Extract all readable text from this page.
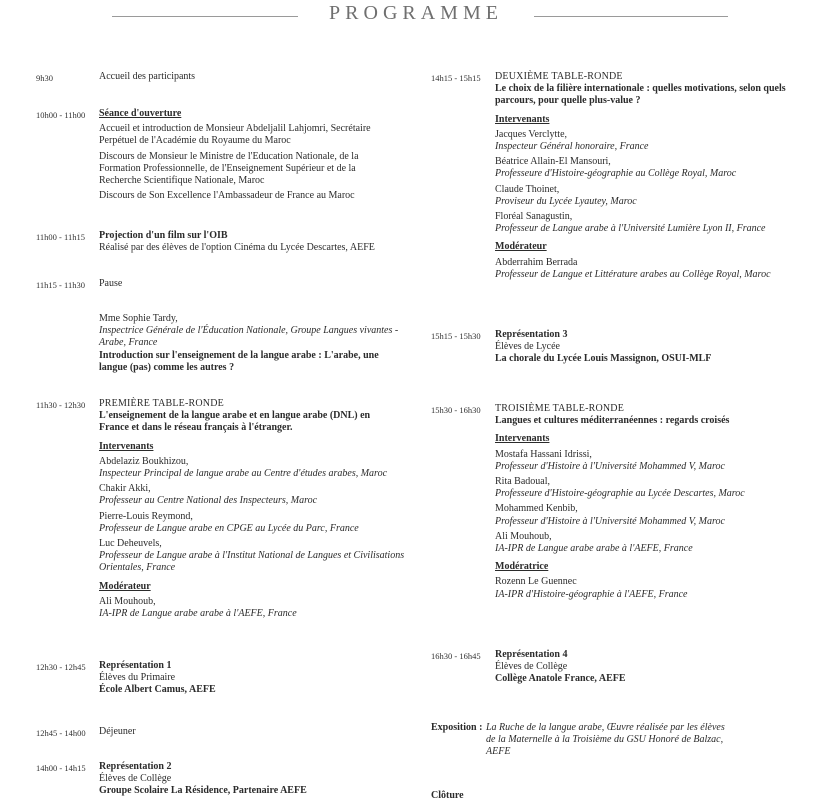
PROGRAMME
9h30	Accueil des participants

10h00 - 11h00 Séance d'ouverture

Accueil et introduction de Monsieur Abdeljalil Lahjomri, Secrétaire

Perpétuel de l'Académie du Royaume du Maroc

Discours de Monsieur le Ministre de l'Education Nationale, de la

Formation Professionnelle, de l'Enseignement Supérieur et de la

Recherche Scientifique Nationale, Maroc

Discours de Son Excellence l'Ambassadeur de France au Maroc

11h00 - 11h15 Projection d'un film sur l'OIB

Réalisé par des élèves de l'option Cinéma du Lycée Descartes, AEFE

11h15 - 11h30 Pause

Mme Sophie Tardy,

Inspectrice Générale de l'Éducation Nationale, Groupe Langues vivantes -

Arabe, France

Introduction sur l'enseignement de la langue arabe : L'arabe, une

langue (pas) comme les autres ?

11h30 - 12h30 PREMIÈRE TABLE-RONDE

L'enseignement de la langue arabe et en langue arabe (DNL) en

France et dans le réseau français à l'étranger.

Intervenants

Abdelaziz Boukhizou,

Inspecteur Principal de langue arabe au Centre d'études arabes, Maroc

Chakir Akki,

Professeur au Centre National des Inspecteurs, Maroc

Pierre-Louis Reymond,

Professeur de Langue arabe en CPGE au Lycée du Parc, France

Luc Deheuvels,

Professeur de Langue arabe à l'Institut National de Langues et Civilisations

Orientales, France

Modérateur

Ali Mouhoub,

IA-IPR de Langue arabe arabe à l'AEFE, France

12h30 - 12h45 Représentation 1

Élèves du Primaire

École Albert Camus, AEFE

12h45 - 14h00 Déjeuner

14h00 - 14h15 Représentation 2

Élèves de Collège

Groupe Scolaire La Résidence, Partenaire AEFE

14h15 - 15h15 DEUXIÈME TABLE-RONDE

Le choix de la filière internationale : quelles motivations, selon quels

parcours, pour quelle plus-value ?

Intervenants

Jacques Verclytte,

Inspecteur Général honoraire, France

Béatrice Allain-El Mansouri,

Professeure d'Histoire-géographie au Collège Royal, Maroc

Claude Thoinet,

Proviseur du Lycée Lyautey, Maroc

Floréal Sanagustin,

Professeur de Langue arabe à l'Université Lumière Lyon II, France

Modérateur

Abderrahim Berrada

Professeur de Langue et Littérature arabes au Collège Royal, Maroc

15h15 - 15h30 Représentation 3

Élèves de Lycée

La chorale du Lycée Louis Massignon, OSUI-MLF

15h30 - 16h30 TROISIÈME TABLE-RONDE

Langues et cultures méditerranéennes : regards croisés

Intervenants

Mostafa Hassani Idrissi,

Professeur d'Histoire à l'Université Mohammed V, Maroc

Rita Badoual,

Professeure d'Histoire-géographie au Lycée Descartes, Maroc

Mohammed Kenbib,

Professeur d'Histoire à l'Université Mohammed V, Maroc

Ali Mouhoub,

IA-IPR de Langue arabe arabe à l'AEFE, France

Modératrice

Rozenn Le Guennec

IA-IPR d'Histoire-géographie à l'AEFE, France

16h30 - 16h45 Représentation 4

Élèves de Collège

Collège Anatole France, AEFE

Exposition : La Ruche de la langue arabe, Œuvre réalisée par les élèves

de la Maternelle à la Troisième du GSU Honoré de Balzac,

AEFE

Clôture
